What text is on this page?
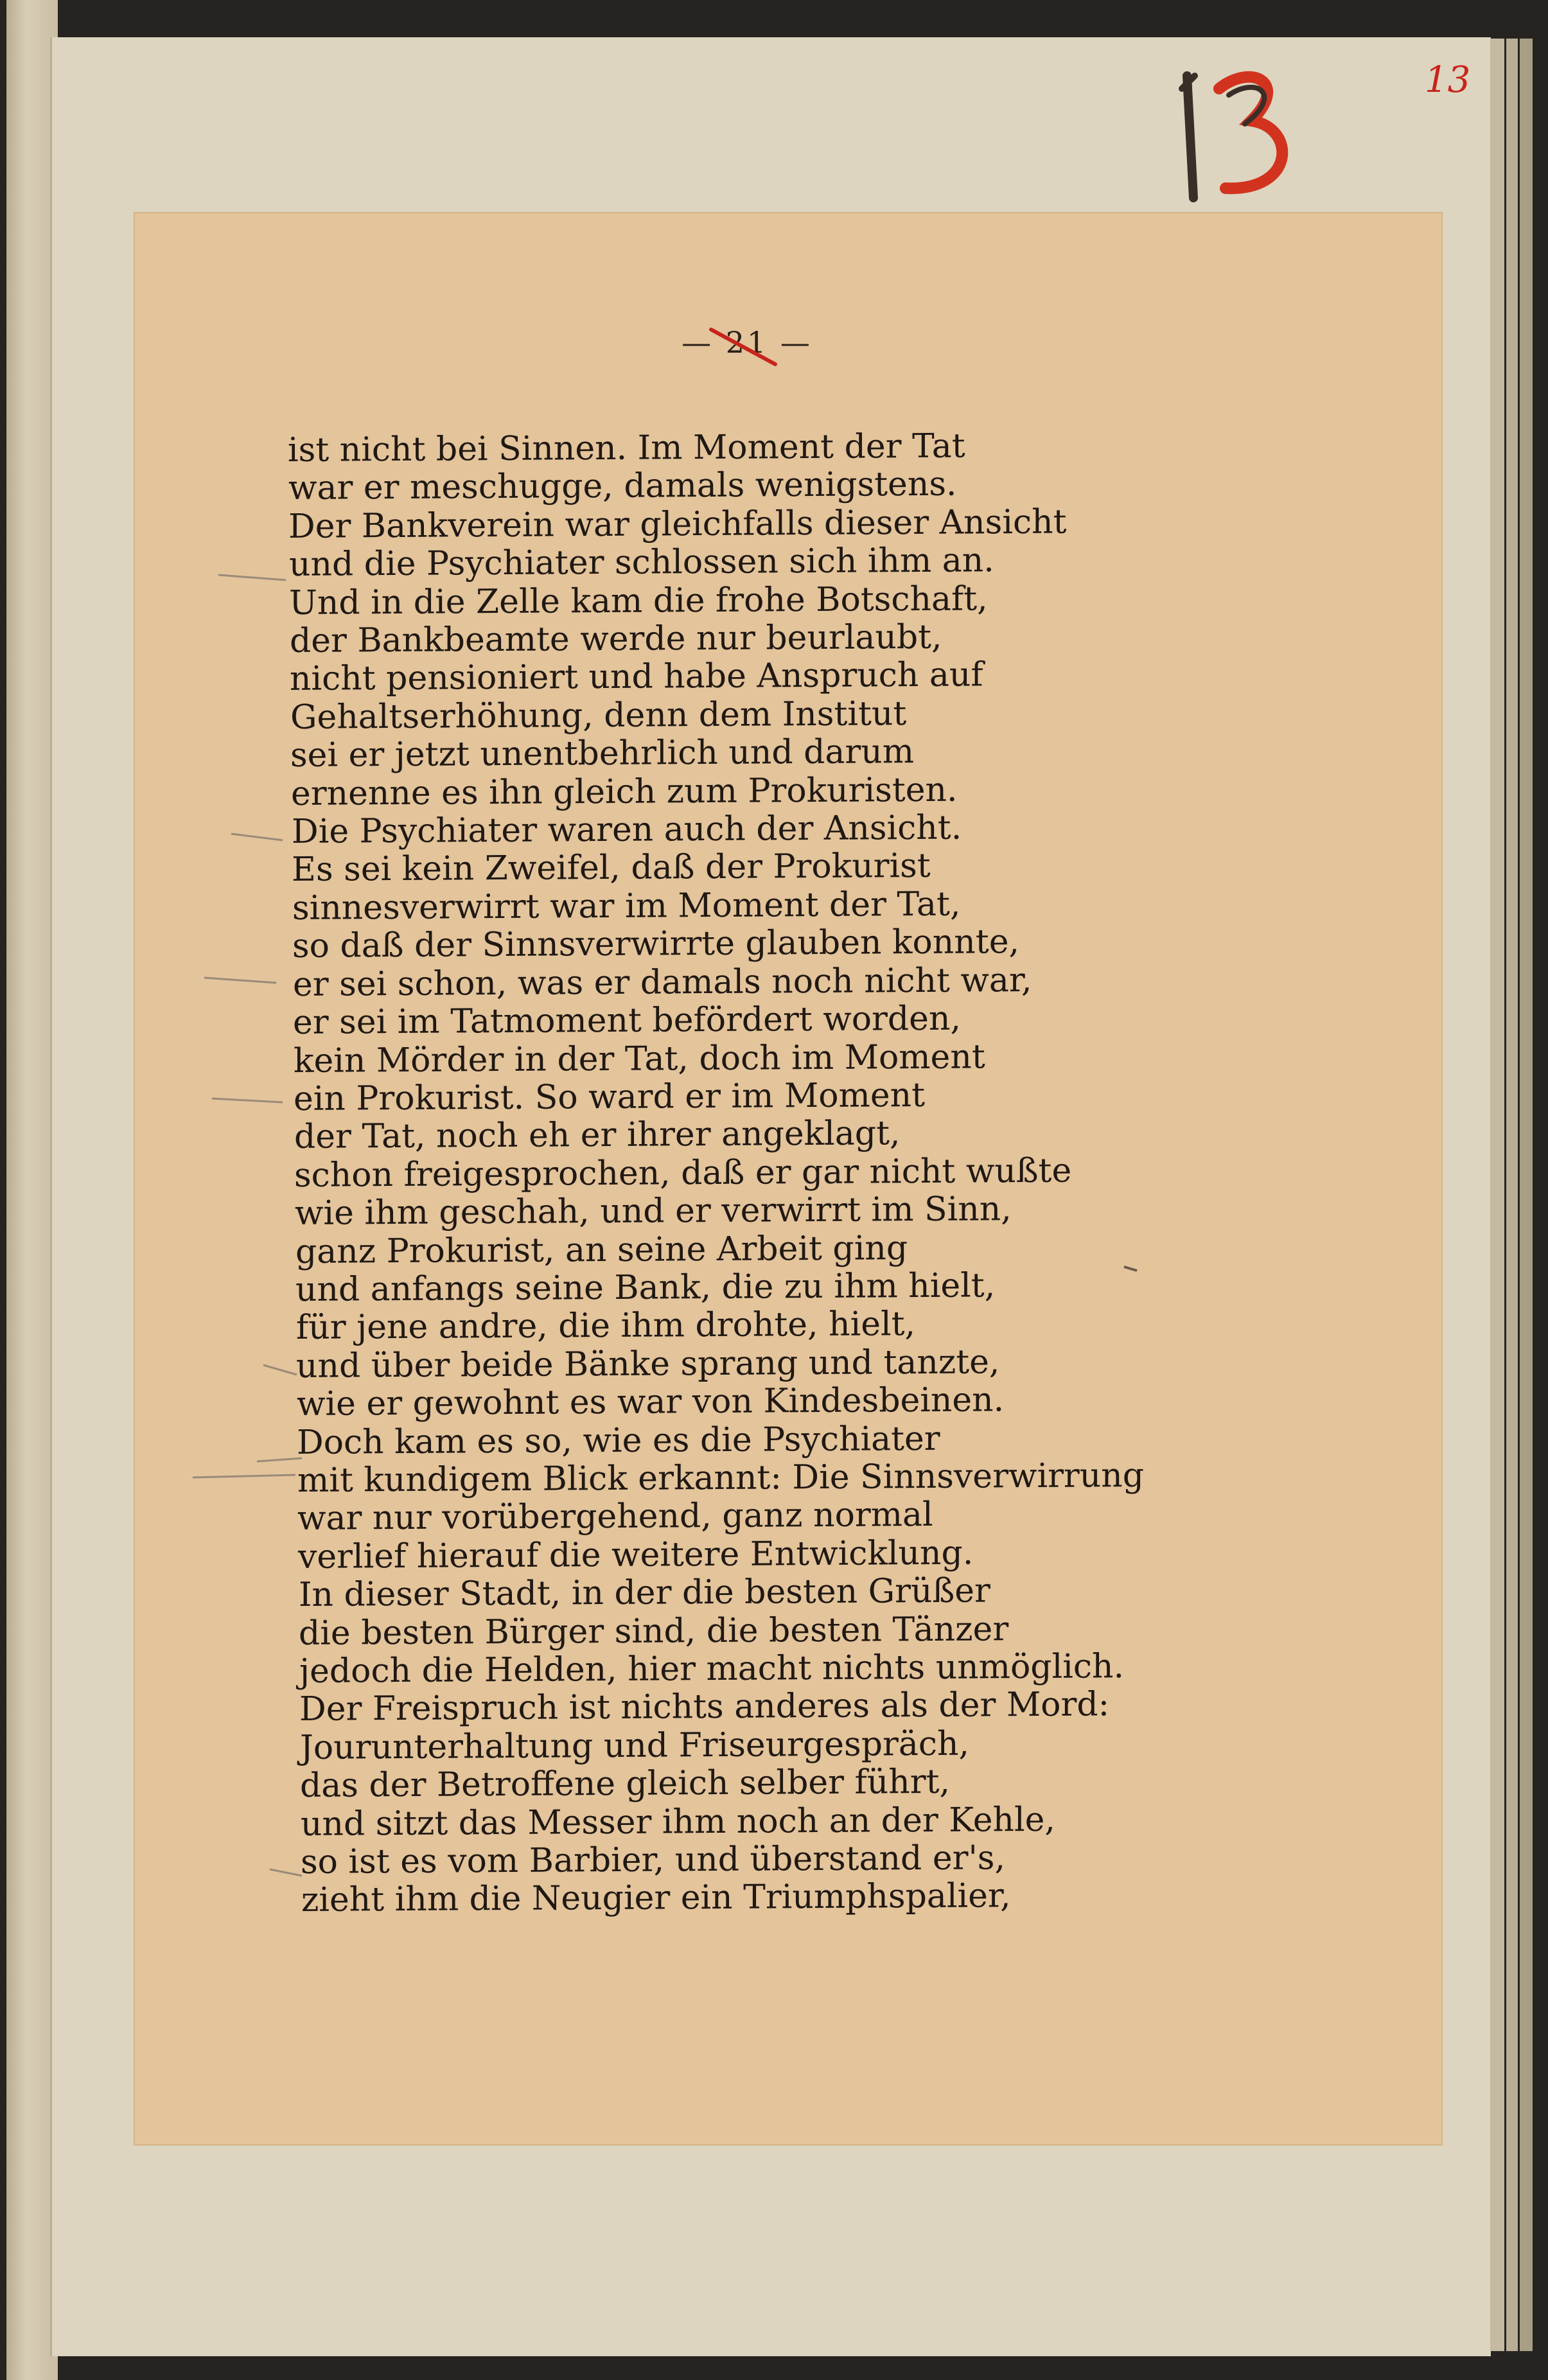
13
13
— 21 —
ist nicht bei Sinnen. Im Moment der Tat
war er meschugge, damals wenigstens.
Der Bankverein war gleichfalls dieser Ansicht
und die Psychiater schlossen sich ihm an.
Und in die Zelle kam die frohe Botschaft,
der Bankbeamte werde nur beurlaubt,
nicht pensioniert und habe Anspruch auf
Gehaltserhöhung, denn dem Institut
sei er jetzt unentbehrlich und darum
ernenne es ihn gleich zum Prokuristen.
Die Psychiater waren auch der Ansicht.
Es sei kein Zweifel, daß der Prokurist
sinnesverwirrt war im Moment der Tat,
so daß der Sinnsverwirrte glauben konnte,
er sei schon, was er damals noch nicht war,
er sei im Tatmoment befördert worden,
kein Mörder in der Tat, doch im Moment
ein Prokurist. So ward er im Moment
der Tat, noch eh er ihrer angeklagt,
schon freigesprochen, daß er gar nicht wußte
wie ihm geschah, und er verwirrt im Sinn,
ganz Prokurist, an seine Arbeit ging
und anfangs seine Bank, die zu ihm hielt,
für jene andre, die ihm drohte, hielt,
und über beide Bänke sprang und tanzte,
wie er gewohnt es war von Kindesbeinen.
Doch kam es so, wie es die Psychiater
mit kundigem Blick erkannt: Die Sinnsverwirrung
war nur vorübergehend, ganz normal
verlief hierauf die weitere Entwicklung.
In dieser Stadt, in der die besten Grüßer
die besten Bürger sind, die besten Tänzer
jedoch die Helden, hier macht nichts unmöglich.
Der Freispruch ist nichts anderes als der Mord:
Jourunterhaltung und Friseurgespräch,
das der Betroffene gleich selber führt,
und sitzt das Messer ihm noch an der Kehle,
so ist es vom Barbier, und überstand er's,
zieht ihm die Neugier ein Triumphspalier,
